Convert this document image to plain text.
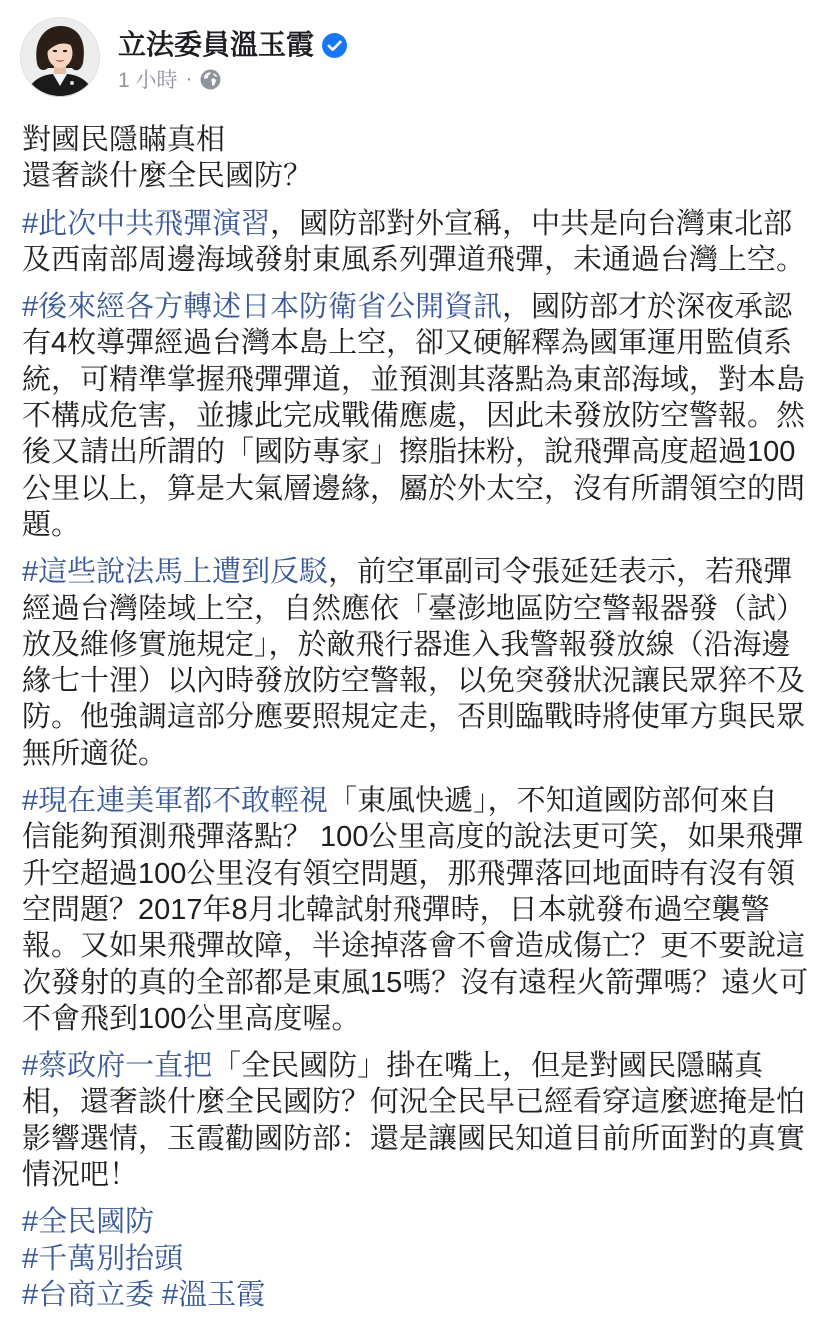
立法委員溫玉霞
1 小時 ·
對國民隱瞞真相
還奢談什麼全民國防？
#此次中共飛彈演習，國防部對外宣稱，中共是向台灣東北部
及西南部周邊海域發射東風系列彈道飛彈，未通過台灣上空。
#後來經各方轉述日本防衛省公開資訊，國防部才於深夜承認
有4枚導彈經過台灣本島上空，卻又硬解釋為國軍運用監偵系
統，可精準掌握飛彈彈道，並預測其落點為東部海域，對本島
不構成危害，並據此完成戰備應處，因此未發放防空警報。然
後又請出所謂的「國防專家」擦脂抹粉，說飛彈高度超過100
公里以上，算是大氣層邊緣，屬於外太空，沒有所謂領空的問
題。
#這些說法馬上遭到反駁，前空軍副司令張延廷表示，若飛彈
經過台灣陸域上空，自然應依「臺澎地區防空警報器發（試）
放及維修實施規定」，於敵飛行器進入我警報發放線（沿海邊
緣七十浬）以內時發放防空警報，以免突發狀況讓民眾猝不及
防。他強調這部分應要照規定走，否則臨戰時將使軍方與民眾
無所適從。
#現在連美軍都不敢輕視「東風快遞」，不知道國防部何來自
信能夠預測飛彈落點？ 100公里高度的說法更可笑，如果飛彈
升空超過100公里沒有領空問題，那飛彈落回地面時有沒有領
空問題？2017年8月北韓試射飛彈時，日本就發布過空襲警
報。又如果飛彈故障，半途掉落會不會造成傷亡？更不要說這
次發射的真的全部都是東風15嗎？沒有遠程火箭彈嗎？遠火可
不會飛到100公里高度喔。
#蔡政府一直把「全民國防」掛在嘴上，但是對國民隱瞞真
相，還奢談什麼全民國防？何況全民早已經看穿這麼遮掩是怕
影響選情，玉霞勸國防部：還是讓國民知道目前所面對的真實
情況吧！
#全民國防
#千萬別抬頭
#台商立委 #溫玉霞
